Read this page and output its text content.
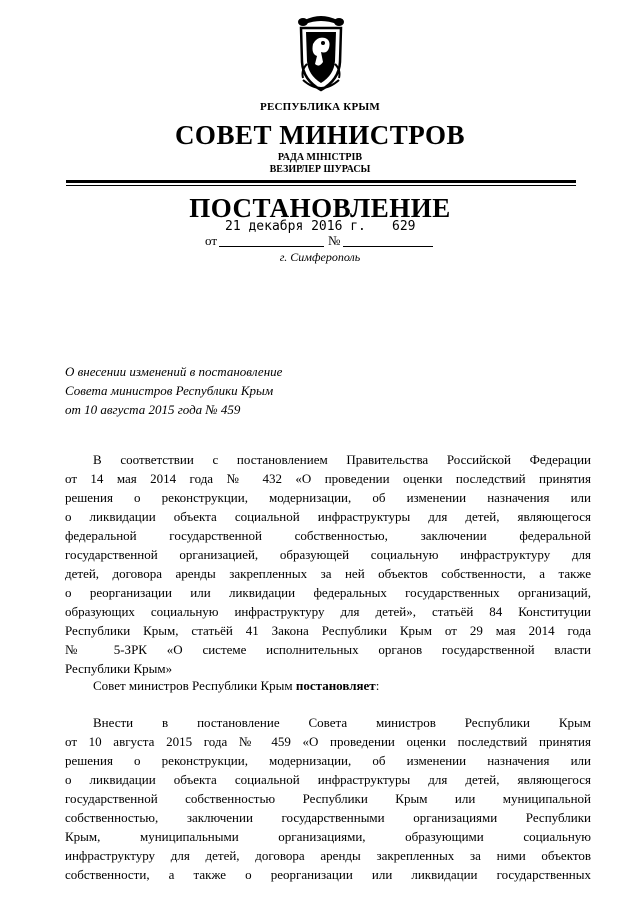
РЕСПУБЛИКА КРЫМ
СОВЕТ МИНИСТРОВ
РАДА МІНІСТРІВ
ВЕЗИРЛЕР ШУРАСЫ
ПОСТАНОВЛЕНИЕ
21 декабря 2016 г. 629
от	№
г. Симферополь
О внесении изменений в постановление
Совета министров Республики Крым
от 10 августа 2015 года № 459
В соответствии с постановлением Правительства Российской Федерации
от 14 мая 2014 года № 432 «О проведении оценки последствий принятия
решения о реконструкции, модернизации, об изменении назначения или
о ликвидации объекта социальной инфраструктуры для детей, являющегося
федеральной государственной собственностью, заключении федеральной
государственной организацией, образующей социальную инфраструктуру для
детей, договора аренды закрепленных за ней объектов собственности, а также
о реорганизации или ликвидации федеральных государственных организаций,
образующих социальную инфраструктуру для детей», статьёй 84 Конституции
Республики Крым, статьёй 41 Закона Республики Крым от 29 мая 2014 года
№ 5-ЗРК «О системе исполнительных органов государственной власти
Республики Крым»
Совет министров Республики Крым постановляет:
Внести в постановление Совета министров Республики Крым
от 10 августа 2015 года № 459 «О проведении оценки последствий принятия
решения о реконструкции, модернизации, об изменении назначения или
о ликвидации объекта социальной инфраструктуры для детей, являющегося
государственной собственностью Республики Крым или муниципальной
собственностью, заключении государственными организациями Республики
Крым, муниципальными организациями, образующими социальную
инфраструктуру для детей, договора аренды закрепленных за ними объектов
собственности, а также о реорганизации или ликвидации государственных
